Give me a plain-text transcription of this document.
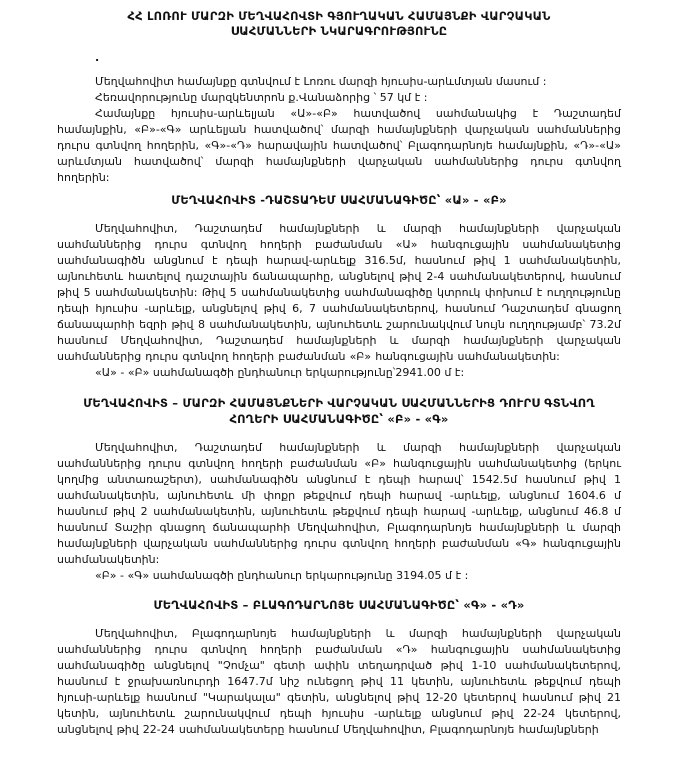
ՀՀ ԼՈՌՈՒ ՄԱՐԶԻ ՄԵՂՎԱՀՈՎՏԻ ԳՅՈՒՂԱԿԱՆ ՀԱՄԱՅՆՔԻ ՎԱՐՉԱԿԱՆ
ՍԱՀՄԱՆՆԵՐԻ ՆԿԱՐԱԳՐՈՒԹՅՈՒՆԸ
.
Մեղվահովիտ համայնքը գտնվում է Լոռու մարզի հյուսիս-արևմտյան մասում :
Հեռավորությունը մարզկենտրոն ք.Վանաձորից ՝ 57 կմ է :
Համայնքը հյուսիս-արևելյան «Ա»-«Բ» հատվածով սահմանակից է Դաշտադեմ համայնքին, «Բ»-«Գ» արևելյան հատվածով՝ մարզի համայնքների վարչական սահմաններից դուրս գտնվող հողերին, «Գ»-«Դ» հարավային հատվածով՝ Բլագոդարնոյե համայնքին, «Դ»-«Ա» արևմտյան հատվածով՝ մարզի համայնքների վարչական սահմաններից դուրս գտնվող հողերին:
ՄԵՂՎԱՀՈՎԻՏ -ԴԱՇՏԱԴԵՄ ՍԱՀՄԱՆԱԳԻԾԸ՝ «Ա» - «Բ»
Մեղվահովիտ, Դաշտադեմ համայնքների և մարզի համայնքների վարչական սահմաններից դուրս գտնվող հողերի բաժանման «Ա» հանգուցային սահմանակետից սահմանագիծն անցնում է դեպի հարավ-արևելք 316.5մ, հասնում թիվ 1 սահմանակետին, այնուհետև հատելով դաշտային ճանապարհը, անցնելով թիվ 2-4 սահմանակետերով, հասնում թիվ 5 սահմանակետին: Թիվ 5 սահմանակետից սահմանագիծը կտրուկ փոխում է ուղղությունը դեպի հյուսիս -արևելք, անցնելով թիվ 6, 7 սահմանակետերով, հասնում Դաշտադեմ գնացող ճանապարհի եզրի թիվ 8 սահմանակետին, այնուհետև շարունակվում նույն ուղղությամբ՝ 73.2մ հասնում Մեղվահովիտ, Դաշտադեմ համայնքների և մարզի համայնքների վարչական սահմաններից դուրս գտնվող հողերի բաժանման «Բ» հանգուցային սահմանակետին:
«Ա» - «Բ» սահմանագծի ընդհանուր երկարությունը՝2941.00 մ է:
ՄԵՂՎԱՀՈՎԻՏ – ՄԱՐԶԻ ՀԱՄԱՅՆՔՆԵՐԻ ՎԱՐՉԱԿԱՆ ՍԱՀՄԱՆՆԵՐԻՑ ԴՈՒՐՍ ԳՏՆՎՈՂ
ՀՈՂԵՐԻ ՍԱՀՄԱՆԱԳԻԾԸ՝ «Բ» - «Գ»
Մեղվահովիտ, Դաշտադեմ համայնքների և մարզի համայնքների վարչական սահմաններից դուրս գտնվող հողերի բաժանման «Բ» հանգուցային սահմանակետից (երկու կողմից անտառաշերտ), սահմանագիծն անցնում է դեպի հարավ՝ 1542.5մ հասնում թիվ 1 սահմանակետին, այնուհետև մի փոքր թեքվում դեպի հարավ -արևելք, անցնում 1604.6 մ հասնում թիվ 2 սահմանակետին, այնուհետև թեքվում դեպի հարավ -արևելք, անցնում 46.8 մ հասնում Տաշիր գնացող ճանապարհի Մեղվահովիտ, Բլագոդարնոյե համայնքների և մարզի համայնքների վարչական սահմաններից դուրս գտնվող հողերի բաժանման «Գ» հանգուցային սահմանակետին:
«Բ» - «Գ» սահմանագծի ընդհանուր երկարությունը 3194.05 մ է :
ՄԵՂՎԱՀՈՎԻՏ – ԲԼԱԳՈԴԱՐՆՈՅԵ ՍԱՀՄԱՆԱԳԻԾԸ՝ «Գ» - «Դ»
Մեղվահովիտ, Բլագոդարնոյե համայնքների և մարզի համայնքների վարչական սահմաններից դուրս գտնվող հողերի բաժանման «Դ» հանգուցային սահմանակետից սահմանագիծը անցնելով "Չոմչա" գետի ափին տեղադրված թիվ 1-10 սահմանակետերով, հասնում է ջրախառնուրդի 1647.7մ նիշ ունեցող թիվ 11 կետին, այնուհետև թեքվում դեպի հյուսի-արևելք հասնում "Կարակալա" գետին, անցնելով թիվ 12-20 կետերով հասնում թիվ 21 կետին, այնուհետև շարունակվում դեպի հյուսիս -արևելք անցնում թիվ 22-24 կետերով, անցնելով թիվ 22-24 սահմանակետերը հասնում Մեղվահովիտ, Բլագոդարնոյե համայնքների
